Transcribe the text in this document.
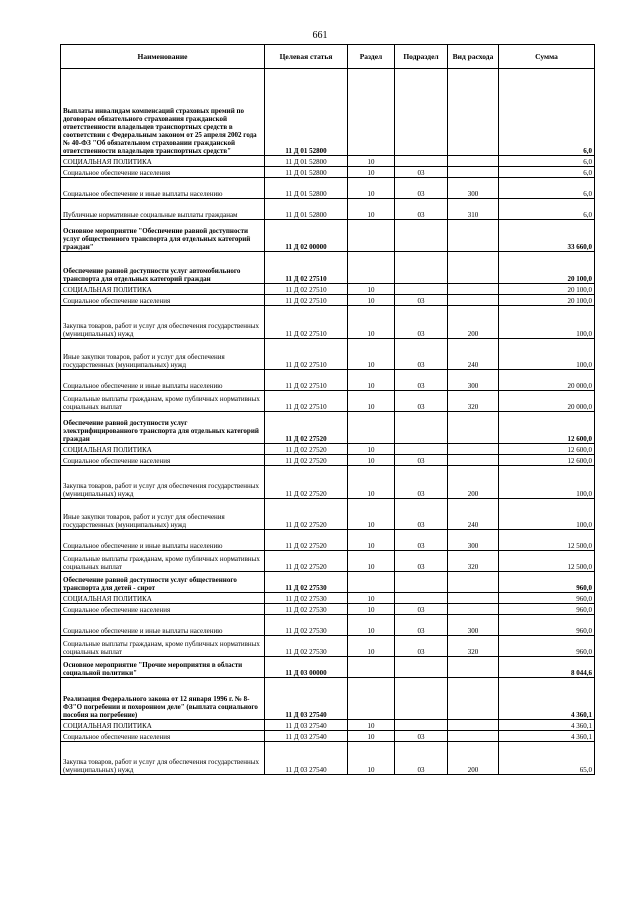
661
Наименование	Целевая статья	Раздел	Подраздел	Вид расхода	Сумма
Выплаты инвалидам компенсаций страховых премий по договорам обязательного страхования гражданской ответственности владельцев транспортных средств в соответствии с Федеральным законом от 25 апреля 2002 года № 40-ФЗ "Об обязательном страховании гражданской ответственности владельцев транспортных средств"	11 Д 01 52800				6,0
СОЦИАЛЬНАЯ ПОЛИТИКА	11 Д 01 52800	10			6,0
Социальное обеспечение населения	11 Д 01 52800	10	03		6,0
Социальное обеспечение и иные выплаты населению	11 Д 01 52800	10	03	300	6,0
Публичные нормативные социальные выплаты гражданам	11 Д 01 52800	10	03	310	6,0
Основное мероприятие "Обеспечение равной доступности услуг общественного транспорта для отдельных категорий граждан"	11 Д 02 00000				33 660,0
Обеспечение равной доступности услуг автомобильного транспорта для отдельных категорий граждан	11 Д 02 27510				20 100,0
СОЦИАЛЬНАЯ ПОЛИТИКА	11 Д 02 27510	10			20 100,0
Социальное обеспечение населения	11 Д 02 27510	10	03		20 100,0
Закупка товаров, работ и услуг для обеспечения государственных (муниципальных) нужд	11 Д 02 27510	10	03	200	100,0
Иные закупки товаров, работ и услуг для обеспечения государственных (муниципальных) нужд	11 Д 02 27510	10	03	240	100,0
Социальное обеспечение и иные выплаты населению	11 Д 02 27510	10	03	300	20 000,0
Социальные выплаты гражданам, кроме публичных нормативных социальных выплат	11 Д 02 27510	10	03	320	20 000,0
Обеспечение равной доступности услуг электрифицированного транспорта для отдельных категорий граждан	11 Д 02 27520				12 600,0
СОЦИАЛЬНАЯ ПОЛИТИКА	11 Д 02 27520	10			12 600,0
Социальное обеспечение населения	11 Д 02 27520	10	03		12 600,0
Закупка товаров, работ и услуг для обеспечения государственных (муниципальных) нужд	11 Д 02 27520	10	03	200	100,0
Иные закупки товаров, работ и услуг для обеспечения государственных (муниципальных) нужд	11 Д 02 27520	10	03	240	100,0
Социальное обеспечение и иные выплаты населению	11 Д 02 27520	10	03	300	12 500,0
Социальные выплаты гражданам, кроме публичных нормативных социальных выплат	11 Д 02 27520	10	03	320	12 500,0
Обеспечение равной доступности услуг общественного транспорта для детей - сирот	11 Д 02 27530				960,0
СОЦИАЛЬНАЯ ПОЛИТИКА	11 Д 02 27530	10			960,0
Социальное обеспечение населения	11 Д 02 27530	10	03		960,0
Социальное обеспечение и иные выплаты населению	11 Д 02 27530	10	03	300	960,0
Социальные выплаты гражданам, кроме публичных нормативных социальных выплат	11 Д 02 27530	10	03	320	960,0
Основное мероприятие "Прочие мероприятия в области социальной политики"	11 Д 03 00000				8 044,6
Реализация Федерального закона от 12 января 1996 г. № 8-ФЗ"О погребении и похоронном деле" (выплата социального пособия на погребение)	11 Д 03 27540				4 360,1
СОЦИАЛЬНАЯ ПОЛИТИКА	11 Д 03 27540	10			4 360,1
Социальное обеспечение населения	11 Д 03 27540	10	03		4 360,1
Закупка товаров, работ и услуг для обеспечения государственных (муниципальных) нужд	11 Д 03 27540	10	03	200	65,0
